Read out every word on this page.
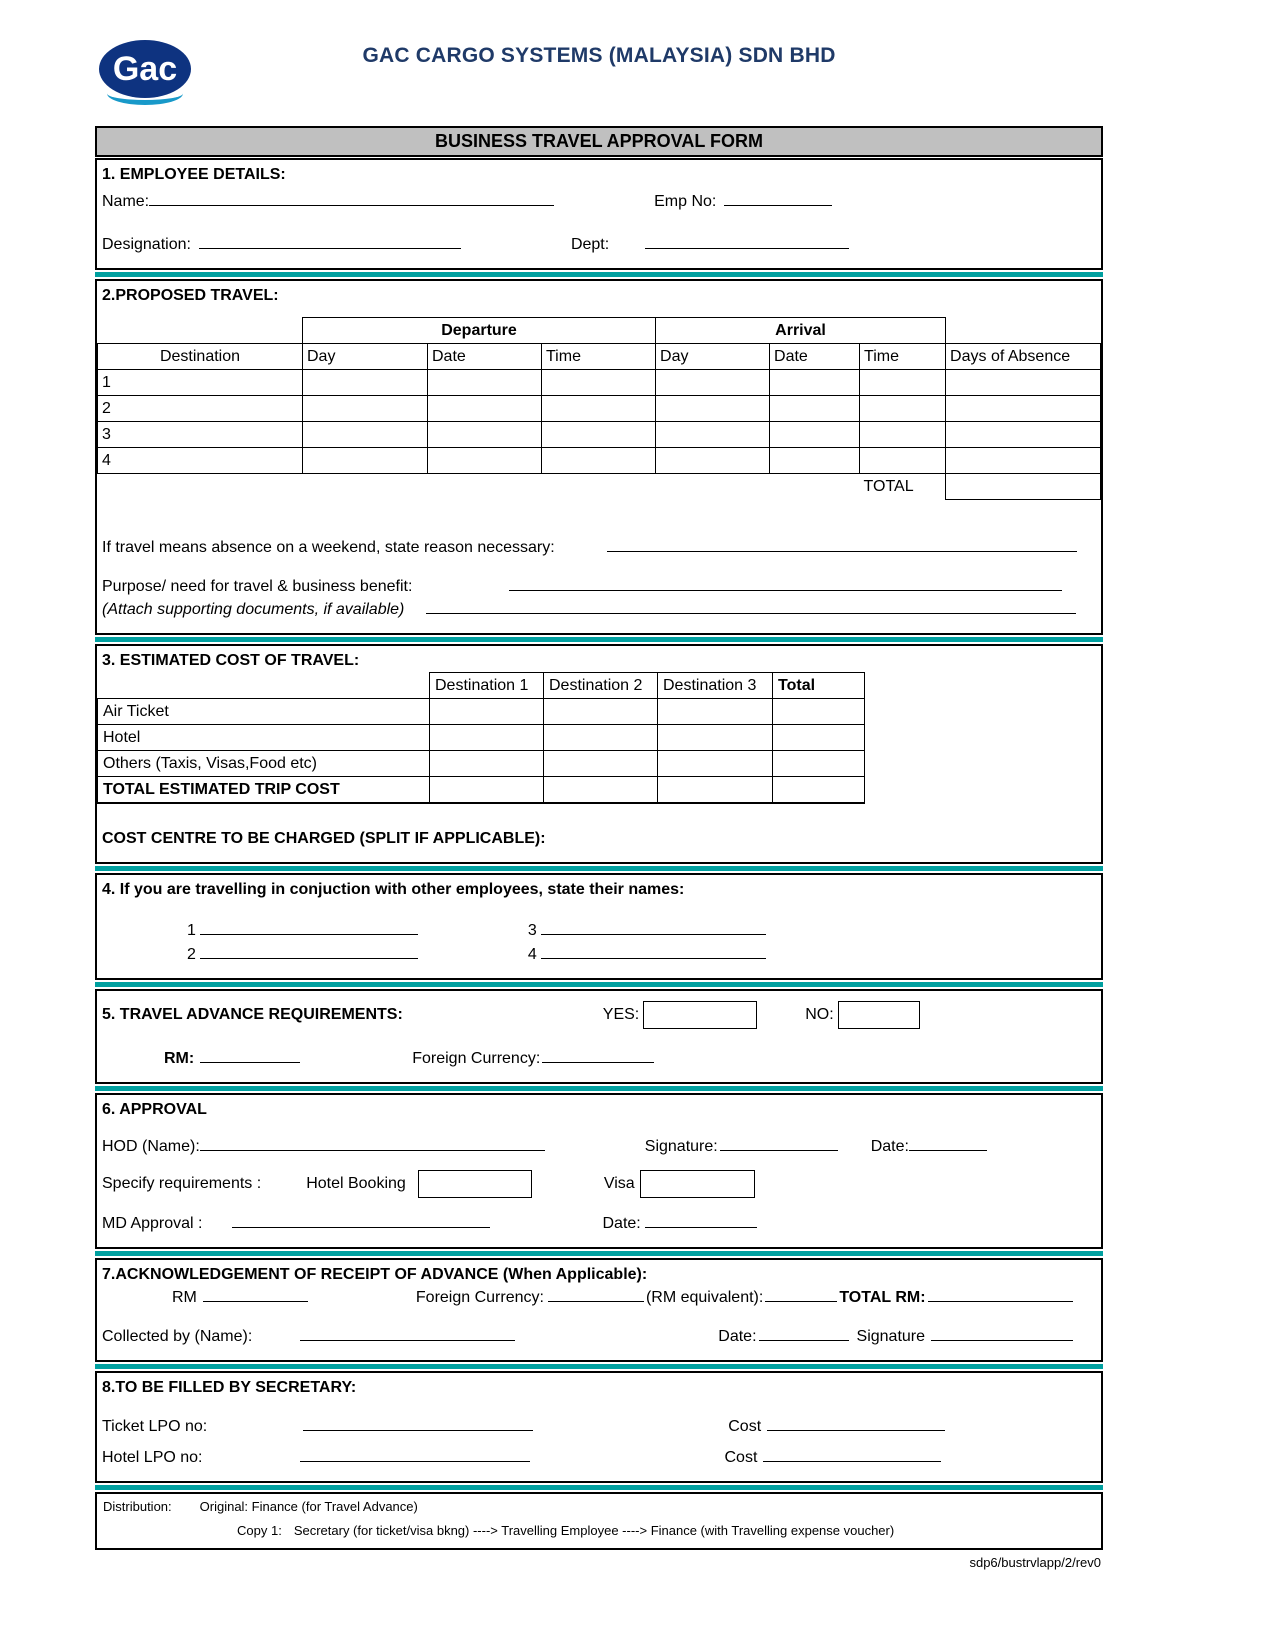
Gac	GAC CARGO SYSTEMS (MALAYSIA) SDN BHD
BUSINESS TRAVEL APPROVAL FORM
1. EMPLOYEE DETAILS:
Name:	Emp No:
Designation:	Dept:
2.PROPOSED TRAVEL:
	Departure			Arrival			
Destination	Day	Date	Time	Day	Date	Time	Days of Absence
1							
2							
3							
4							
						TOTAL	
If travel means absence on a weekend, state reason necessary:
Purpose/ need for travel & business benefit:
(Attach supporting documents, if available)
3. ESTIMATED COST OF TRAVEL:
	Destination 1	Destination 2	Destination 3	Total
Air Ticket				
Hotel				
Others (Taxis, Visas,Food etc)				
TOTAL ESTIMATED TRIP COST				
COST CENTRE TO BE CHARGED (SPLIT IF APPLICABLE):
4. If you are travelling in conjuction with other employees, state their names:
1	3
2	4
5. TRAVEL ADVANCE REQUIREMENTS:	YES:	NO:
RM:	Foreign Currency:
6. APPROVAL
HOD (Name):	Signature:	Date:
Specify requirements :	Hotel Booking	Visa
MD Approval :	Date:
7.ACKNOWLEDGEMENT OF RECEIPT OF ADVANCE (When Applicable):
RM	Foreign Currency:	(RM equivalent):	TOTAL RM:
Collected by (Name):	Date:	Signature
8.TO BE FILLED BY SECRETARY:
Ticket LPO no:	Cost
Hotel LPO no:	Cost
Distribution: Original: Finance (for Travel Advance)
Copy 1: Secretary (for ticket/visa bkng) ----> Travelling Employee ----> Finance (with Travelling expense voucher)
sdp6/bustrvlapp/2/rev0
